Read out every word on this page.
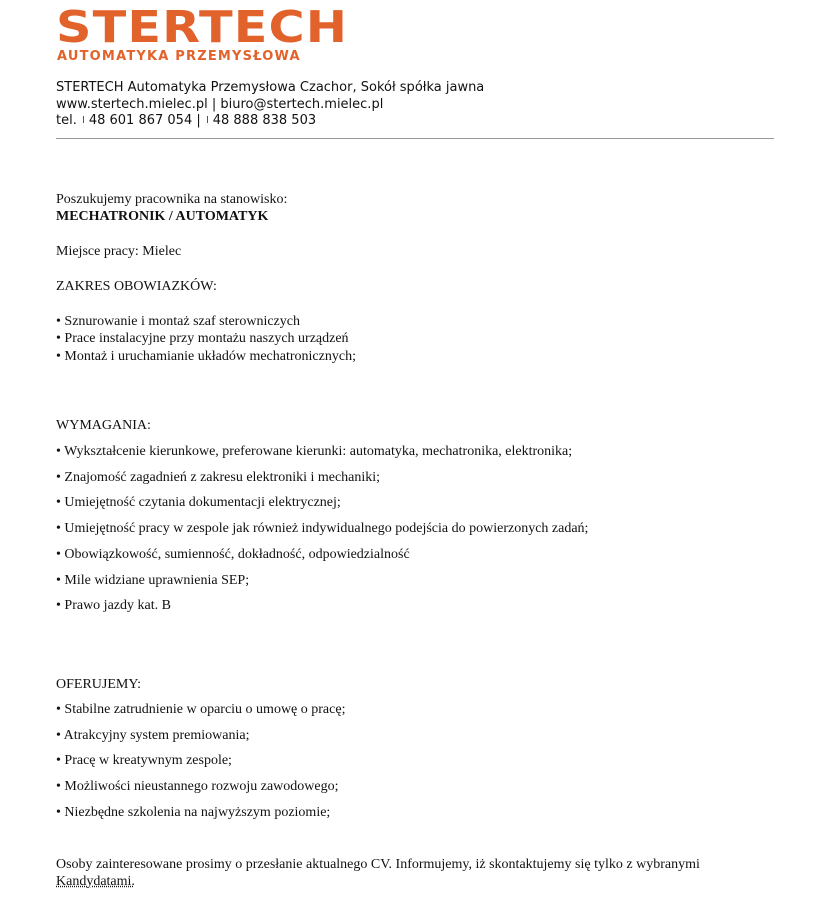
STERTECH
AUTOMATYKA PRZEMYSŁOWA
STERTECH Automatyka Przemysłowa Czachor, Sokół spółka jawna
www.stertech.mielec.pl | biuro@stertech.mielec.pl
tel. 48 601 867 054 | 48 888 838 503
Poszukujemy pracownika na stanowisko:
MECHATRONIK / AUTOMATYK
Miejsce pracy: Mielec
ZAKRES OBOWIAZKÓW:
• Sznurowanie i montaż szaf sterowniczych
• Prace instalacyjne przy montażu naszych urządzeń
• Montaż i uruchamianie układów mechatronicznych;
WYMAGANIA:
• Wykształcenie kierunkowe, preferowane kierunki: automatyka, mechatronika, elektronika;
• Znajomość zagadnień z zakresu elektroniki i mechaniki;
• Umiejętność czytania dokumentacji elektrycznej;
• Umiejętność pracy w zespole jak również indywidualnego podejścia do powierzonych zadań;
• Obowiązkowość, sumienność, dokładność, odpowiedzialność
• Mile widziane uprawnienia SEP;
• Prawo jazdy kat. B
OFERUJEMY:
• Stabilne zatrudnienie w oparciu o umowę o pracę;
• Atrakcyjny system premiowania;
• Pracę w kreatywnym zespole;
• Możliwości nieustannego rozwoju zawodowego;
• Niezbędne szkolenia na najwyższym poziomie;
Osoby zainteresowane prosimy o przesłanie aktualnego CV. Informujemy, iż skontaktujemy się tylko z wybranymi
Kandydatami.
